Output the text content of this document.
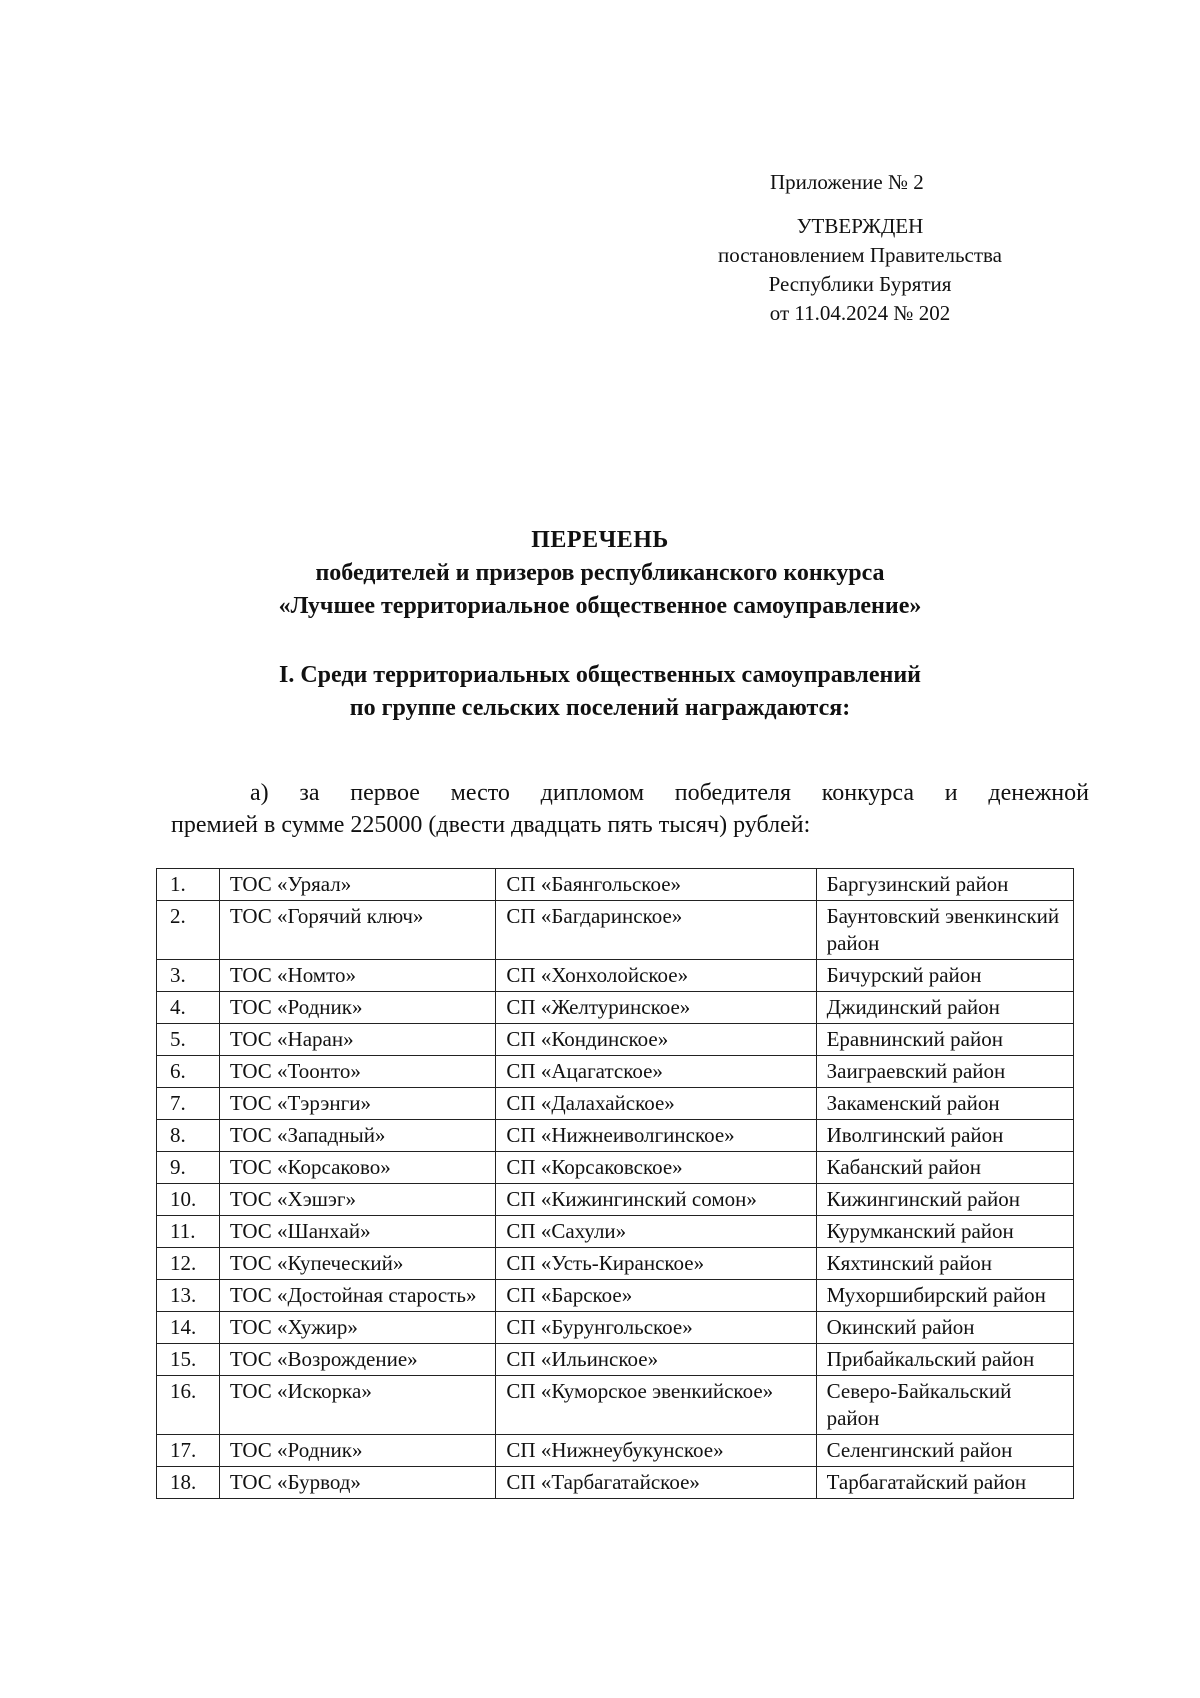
Приложение № 2
УТВЕРЖДЕН
постановлением Правительства
Республики Бурятия
от 11.04.2024 № 202
ПЕРЕЧЕНЬ
победителей и призеров республиканского конкурса
«Лучшее территориальное общественное самоуправление»
I. Среди территориальных общественных самоуправлений
по группе сельских поселений награждаются:
а) за первое место дипломом победителя конкурса и денежной
премией в сумме 225000 (двести двадцать пять тысяч) рублей:
1.	ТОС «Уряал»	СП «Баянгольское»	Баргузинский район
2.	ТОС «Горячий ключ»	СП «Багдаринское»	Баунтовский эвенкинский район
3.	ТОС «Номто»	СП «Хонхолойское»	Бичурский район
4.	ТОС «Родник»	СП «Желтуринское»	Джидинский район
5.	ТОС «Наран»	СП «Кондинское»	Еравнинский район
6.	ТОС «Тоонто»	СП «Ацагатское»	Заиграевский район
7.	ТОС «Тэрэнги»	СП «Далахайское»	Закаменский район
8.	ТОС «Западный»	СП «Нижнеиволгинское»	Иволгинский район
9.	ТОС «Корсаково»	СП «Корсаковское»	Кабанский район
10.	ТОС «Хэшэг»	СП «Кижингинский сомон»	Кижингинский район
11.	ТОС «Шанхай»	СП «Сахули»	Курумканский район
12.	ТОС «Купеческий»	СП «Усть-Киранское»	Кяхтинский район
13.	ТОС «Достойная старость»	СП «Барское»	Мухоршибирский район
14.	ТОС «Хужир»	СП «Бурунгольское»	Окинский район
15.	ТОС «Возрождение»	СП «Ильинское»	Прибайкальский район
16.	ТОС «Искорка»	СП «Куморское эвенкийское»	Северо-Байкальский район
17.	ТОС «Родник»	СП «Нижнеубукунское»	Селенгинский район
18.	ТОС «Бурвод»	СП «Тарбагатайское»	Тарбагатайский район
